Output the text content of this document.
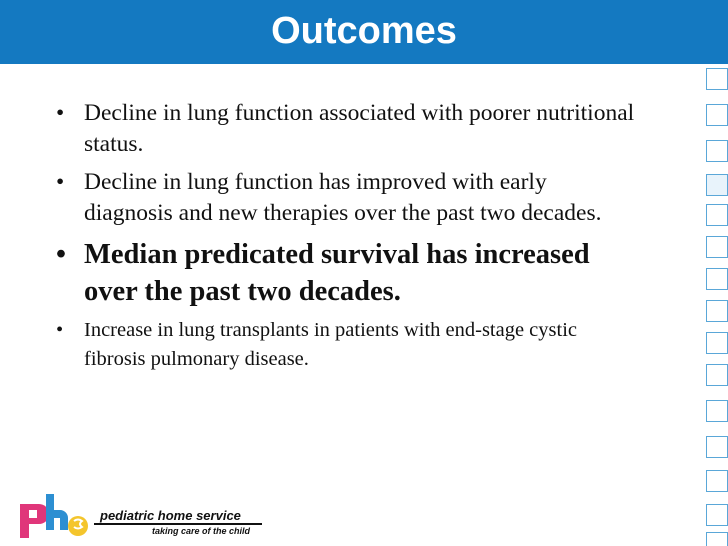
Outcomes
• Decline in lung function associated with poorer nutritional status.
• Decline in lung function has improved with early diagnosis and new therapies over the past two decades.
• Median predicated survival has increased over the past two decades.
• Increase in lung transplants in patients with end-stage cystic fibrosis pulmonary disease.
pediatric home service
taking care of the child
